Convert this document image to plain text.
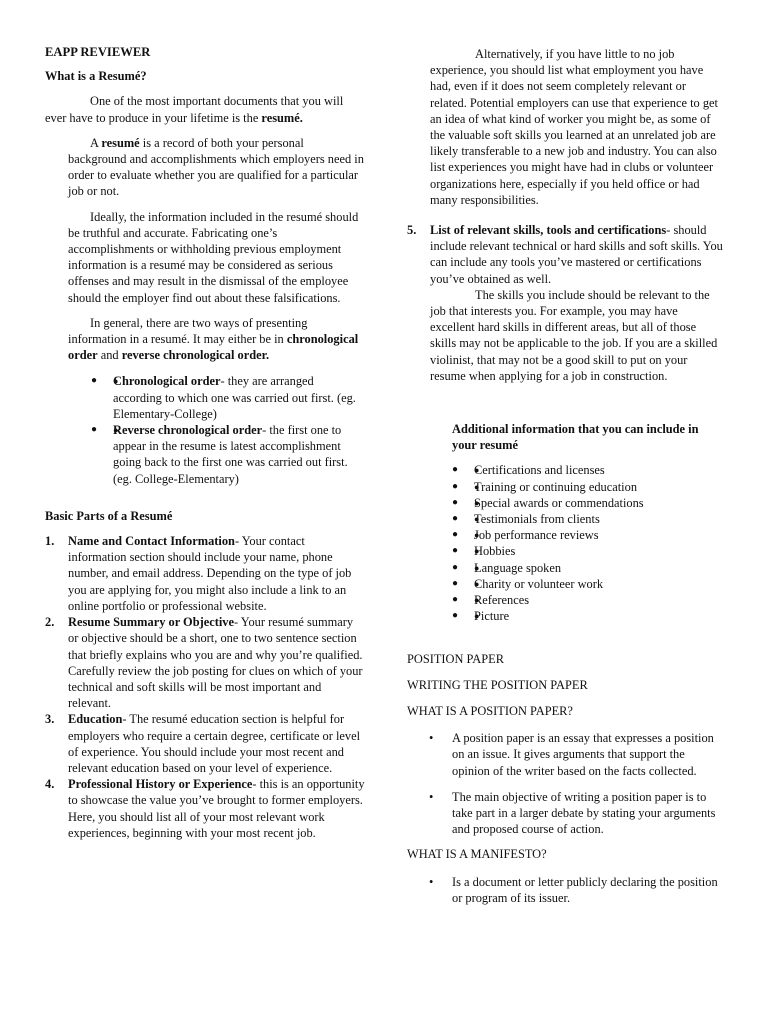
EAPP REVIEWER

What is a Resumé?

One of the most important documents that you will ever have to produce in your lifetime is the resumé.

A resumé is a record of both your personal background and accomplishments which employers need in order to evaluate whether you are qualified for a particular job or not.

Ideally, the information included in the resumé should be truthful and accurate. Fabricating one’s accomplishments or withholding previous employment information is a resumé may be considered as serious offenses and may result in the dismissal of the employee should the employer find out about these falsifications.

In general, there are two ways of presenting information in a resumé. It may either be in chronological order and reverse chronological order.

● ● Chronological order- they are arranged according to which one was carried out first. (eg. Elementary-College)
● ● Reverse chronological order- the first one to appear in the resume is latest accomplishment going back to the first one was carried out first. (eg. College-Elementary)

Basic Parts of a Resumé

1. Name and Contact Information- Your contact information section should include your name, phone number, and email address. Depending on the type of job you are applying for, you might also include a link to an online portfolio or professional website.
2. Resume Summary or Objective- Your resumé summary or objective should be a short, one to two sentence section that briefly explains who you are and why you’re qualified. Carefully review the job posting for clues on which of your technical and soft skills will be most important and relevant.
3. Education- The resumé education section is helpful for employers who require a certain degree, certificate or level of experience. You should include your most recent and relevant education based on your level of experience.
4. Professional History or Experience- this is an opportunity to showcase the value you’ve brought to former employers. Here, you should list all of your most relevant work experiences, beginning with your most recent job.

Alternatively, if you have little to no job experience, you should list what employment you have had, even if it does not seem completely relevant or related. Potential employers can use that experience to get an idea of what kind of worker you might be, as some of the valuable soft skills you learned at an unrelated job are likely transferable to a new job and industry. You can also list experiences you might have had in clubs or volunteer organizations here, especially if you held office or had many responsibilities.

5. List of relevant skills, tools and certifications- should include relevant technical or hard skills and soft skills. You can include any tools you’ve mastered or certifications you’ve obtained as well.

The skills you include should be relevant to the job that interests you. For example, you may have excellent hard skills in different areas, but all of those skills may not be applicable to the job. If you are a skilled violinist, that may not be a good skill to put on your resume when applying for a job in construction.

Additional information that you can include in your resumé

● ● Certifications and licenses
● ● Training or continuing education
● ● Special awards or commendations
● ● Testimonials from clients
● ● Job performance reviews
● ● Hobbies
● ● Language spoken
● ● Charity or volunteer work
● ● References
● ● Picture

POSITION PAPER

WRITING THE POSITION PAPER

WHAT IS A POSITION PAPER?

• A position paper is an essay that expresses a position on an issue. It gives arguments that support the opinion of the writer based on the facts collected.
• The main objective of writing a position paper is to take part in a larger debate by stating your arguments and proposed course of action.

WHAT IS A MANIFESTO?

• Is a document or letter publicly declaring the position or program of its issuer.
